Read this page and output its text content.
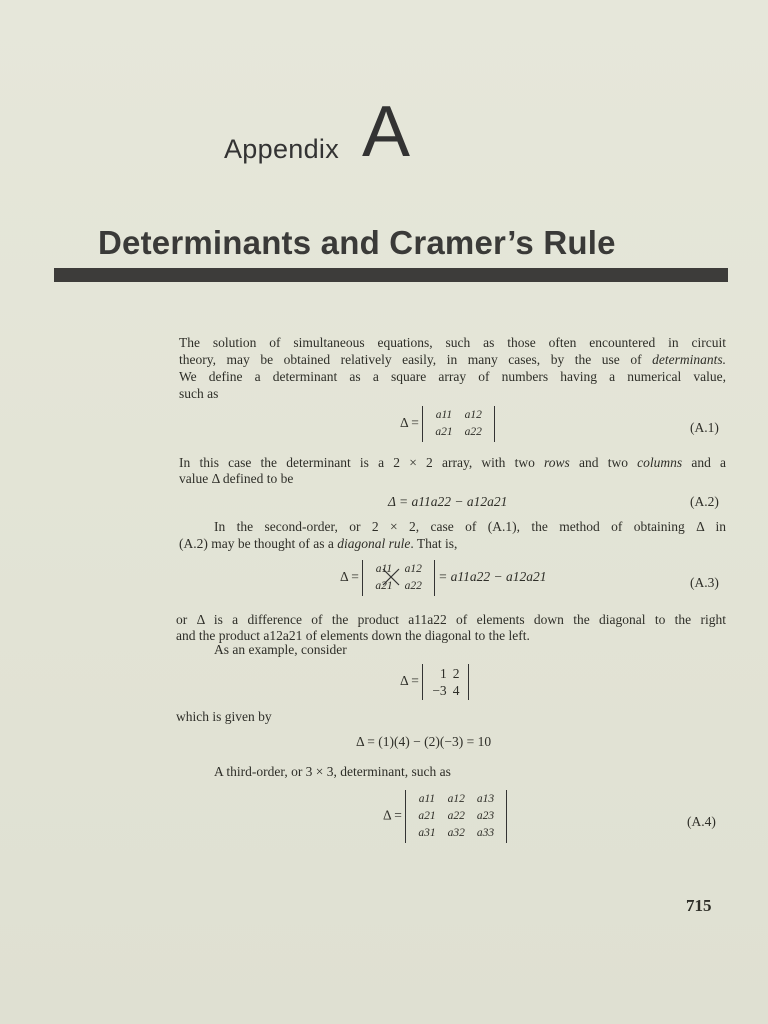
Appendix A
Determinants and Cramer’s Rule
The solution of simultaneous equations, such as those often encountered in circuit
theory, may be obtained relatively easily, in many cases, by the use of determinants.
We define a determinant as a square array of numbers having a numerical value,
such as
Δ =
a11	a12
a21	a22	(A.1)
In this case the determinant is a 2 × 2 array, with two rows and two columns and a
value Δ defined to be
Δ = a11a22 − a12a21	(A.2)
In the second-order, or 2 × 2, case of (A.1), the method of obtaining Δ in
(A.2) may be thought of as a diagonal rule. That is,
Δ =
a11	a12
a21	a22
= a11a22 − a12a21	(A.3)
or Δ is a difference of the product a11a22 of elements down the diagonal to the right
and the product a12a21 of elements down the diagonal to the left.
As an example, consider
Δ = 1	2
−3	4
which is given by
Δ = (1)(4) − (2)(−3) = 10
A third-order, or 3 × 3, determinant, such as
Δ =
a11	a12	a13
a21	a22	a23
a31	a32	a33
(A.4)
715
